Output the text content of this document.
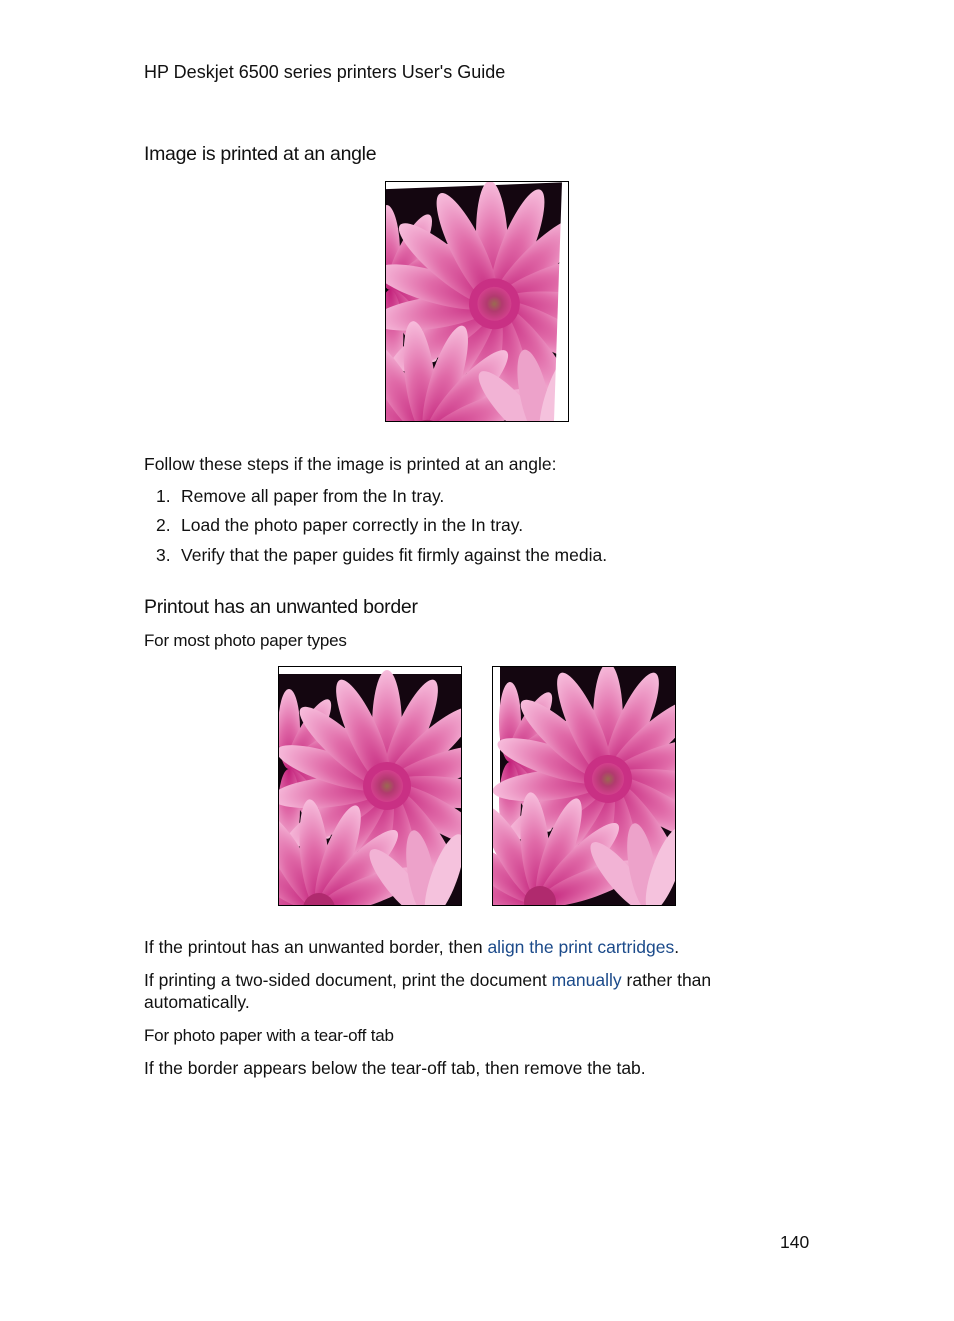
HP Deskjet 6500 series printers User's Guide
Image is printed at an angle
Follow these steps if the image is printed at an angle:
1. Remove all paper from the In tray.
2. Load the photo paper correctly in the In tray.
3. Verify that the paper guides fit firmly against the media.
Printout has an unwanted border
For most photo paper types
If the printout has an unwanted border, then align the print cartridges.
If printing a two-sided document, print the document manually rather than automatically.
For photo paper with a tear-off tab
If the border appears below the tear-off tab, then remove the tab.
140
